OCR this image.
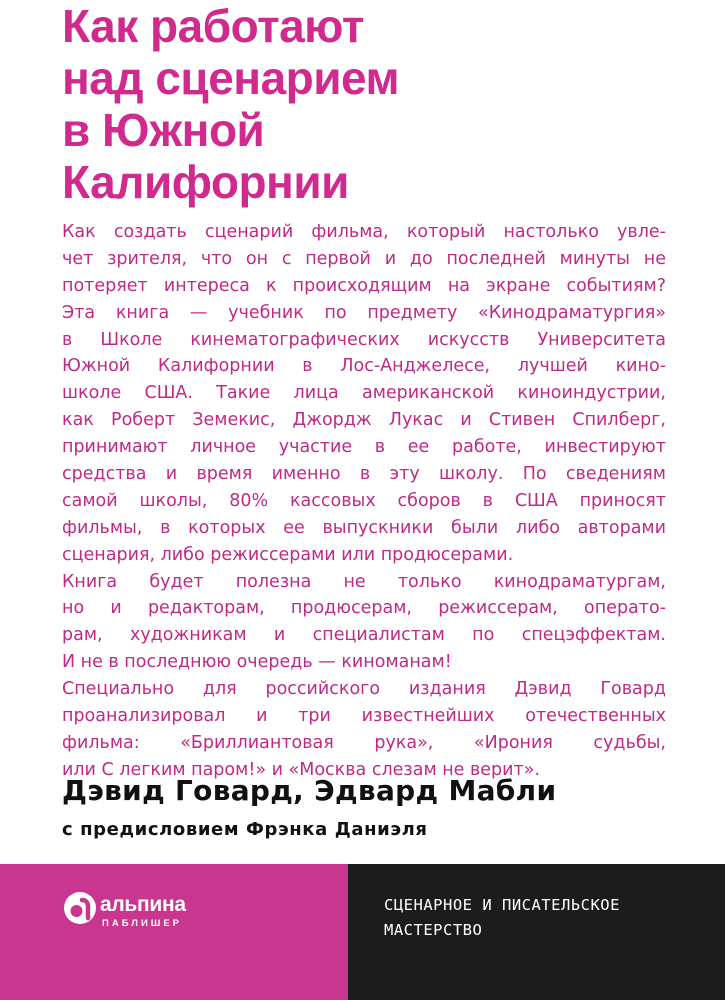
Как работают
над сценарием
в Южной
Калифорнии
Как создать сценарий фильма, который настолько увле-
чет зрителя, что он с первой и до последней минуты не
потеряет интереса к происходящим на экране событиям?
Эта книга — учебник по предмету «Кинодраматургия»
в Школе кинематографических искусств Университета
Южной Калифорнии в Лос-Анджелесе, лучшей кино-
школе США. Такие лица американской киноиндустрии,
как Роберт Земекис, Джордж Лукас и Стивен Спилберг,
принимают личное участие в ее работе, инвестируют
средства и время именно в эту школу. По сведениям
самой школы, 80% кассовых сборов в США приносят
фильмы, в которых ее выпускники были либо авторами
сценария, либо режиссерами или продюсерами.
Книга будет полезна не только кинодраматургам,
но и редакторам, продюсерам, режиссерам, операто-
рам, художникам и специалистам по спецэффектам.
И не в последнюю очередь — киноманам!
Специально для российского издания Дэвид Говард
проанализировал и три известнейших отечественных
фильма: «Бриллиантовая рука», «Ирония судьбы,
или С легким паром!» и «Москва слезам не верит».
Дэвид Говард, Эдвард Мабли
с предисловием Фрэнка Даниэля
альпина
ПАБЛИШЕР
СЦЕНАРНОЕ И ПИСАТЕЛЬСКОЕ
МАСТЕРСТВО
